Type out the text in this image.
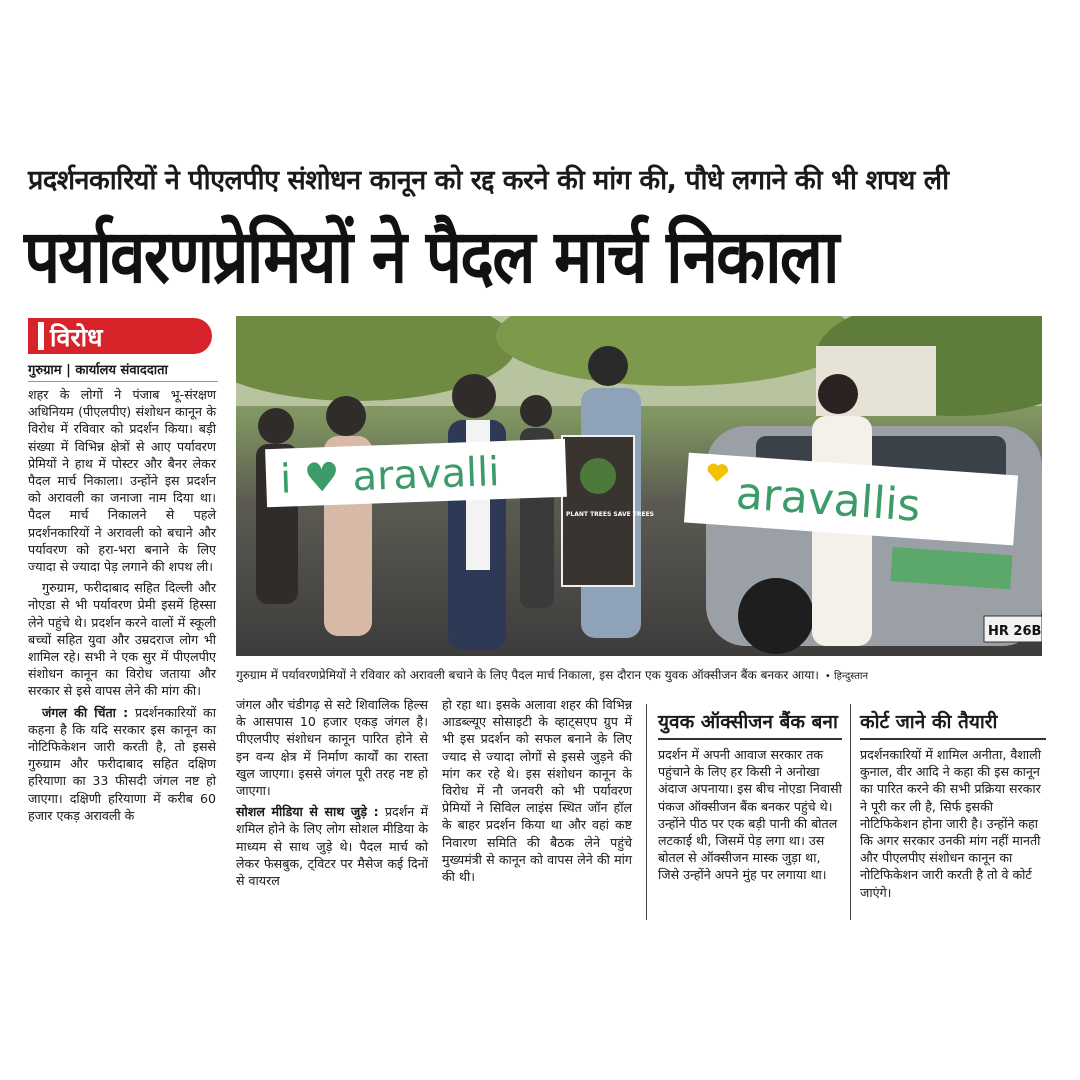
प्रदर्शनकारियों ने पीएलपीए संशोधन कानून को रद्द करने की मांग की, पौधे लगाने की भी शपथ ली
पर्यावरणप्रेमियों ने पैदल मार्च निकाला
विरोध
गुरुग्राम | कार्यालय संवाददाता

शहर के लोगों ने पंजाब भू-संरक्षण अधिनियम (पीएलपीए) संशोधन कानून के विरोध में रविवार को प्रदर्शन किया। बड़ी संख्या में विभिन्न क्षेत्रों से आए पर्यावरण प्रेमियों ने हाथ में पोस्टर और बैनर लेकर पैदल मार्च निकाला। उन्होंने इस प्रदर्शन को अरावली का जनाजा नाम दिया था। पैदल मार्च निकालने से पहले प्रदर्शनकारियों ने अरावली को बचाने और पर्यावरण को हरा-भरा बनाने के लिए ज्यादा से ज्यादा पेड़ लगाने की शपथ ली।

गुरुग्राम, फरीदाबाद सहित दिल्ली और नोएडा से भी पर्यावरण प्रेमी इसमें हिस्सा लेने पहुंचे थे। प्रदर्शन करने वालों में स्कूली बच्चों सहित युवा और उम्रदराज लोग भी शामिल रहे। सभी ने एक सुर में पीएलपीए संशोधन कानून का विरोध जताया और सरकार से इसे वापस लेने की मांग की।

जंगल की चिंता : प्रदर्शनकारियों का कहना है कि यदि सरकार इस कानून का नोटिफिकेशन जारी करती है, तो इससे गुरुग्राम और फरीदाबाद सहित दक्षिण हरियाणा का 33 फीसदी जंगल नष्ट हो जाएगा। दक्षिणी हरियाणा में करीब 60 हजार एकड़ अरावली के

HR 26B
PLANT TREES SAVE TREES
i ♥ aravalli	aravallis
गुरुग्राम में पर्यावरणप्रेमियों ने रविवार को अरावली बचाने के लिए पैदल मार्च निकाला, इस दौरान एक युवक ऑक्सीजन बैंक बनकर आया। • हिन्दुस्तान

जंगल और चंडीगढ़ से सटे शिवालिक हिल्स के आसपास 10 हजार एकड़ जंगल है। पीएलपीए संशोधन कानून पारित होने से इन वन्य क्षेत्र में निर्माण कार्यों का रास्ता खुल जाएगा। इससे जंगल पूरी तरह नष्ट हो जाएगा।

सोशल मीडिया से साथ जुड़े : प्रदर्शन में शमिल होने के लिए लोग सोशल मीडिया के माध्यम से साथ जुड़े थे। पैदल मार्च को लेकर फेसबुक, ट्विटर पर मैसेज कई दिनों से वायरल

हो रहा था। इसके अलावा शहर की विभिन्न आडब्ल्यूए सोसाइटी के व्हाट्सएप ग्रुप में भी इस प्रदर्शन को सफल बनाने के लिए ज्याद से ज्यादा लोगों से इससे जुड़ने की मांग कर रहे थे। इस संशोधन कानून के विरोध में नौ जनवरी को भी पर्यावरण प्रेमियों ने सिविल लाइंस स्थित जॉन हॉल के बाहर प्रदर्शन किया था और वहां कष्ट निवारण समिति की बैठक लेने पहुंचे मुख्यमंत्री से कानून को वापस लेने की मांग की थी।

युवक ऑक्सीजन बैंक बना
प्रदर्शन में अपनी आवाज सरकार तक पहुंचाने के लिए हर किसी ने अनोखा अंदाज अपनाया। इस बीच नोएडा निवासी पंकज ऑक्सीजन बैंक बनकर पहुंचे थे। उन्होंने पीठ पर एक बड़ी पानी की बोतल लटकाई थी, जिसमें पेड़ लगा था। उस बोतल से ऑक्सीजन मास्क जुड़ा था, जिसे उन्होंने अपने मुंह पर लगाया था।
कोर्ट जाने की तैयारी
प्रदर्शनकारियों में शामिल अनीता, वैशाली कुनाल, वीर आदि ने कहा की इस कानून का पारित करने की सभी प्रक्रिया सरकार ने पूरी कर ली है, सिर्फ इसकी नोटिफिकेशन होना जारी है। उन्होंने कहा कि अगर सरकार उनकी मांग नहीं मानती और पीएलपीए संशोधन कानून का नोटिफिकेशन जारी करती है तो वे कोर्ट जाएंगे।
